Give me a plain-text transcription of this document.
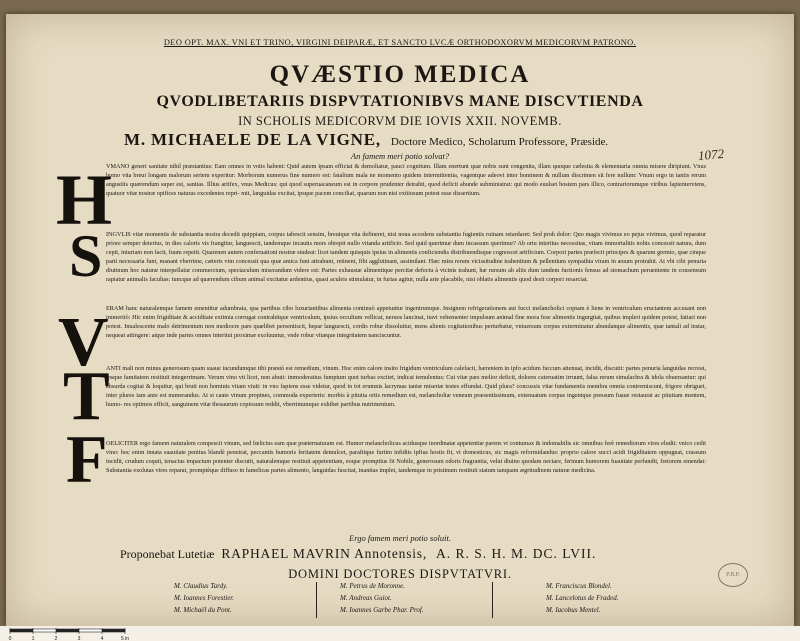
DEO OPT. MAX. VNI ET TRINO, VIRGINI DEIPARÆ, ET SANCTO LVCÆ ORTHODOXORVM MEDICORVM PATRONO.
QVÆSTIO MEDICA
QVODLIBETARIIS DISPVTATIONIBVS MANE DISCVTIENDA
IN SCHOLIS MEDICORVM DIE IOVIS XXII. NOVEMB.
M. MICHAELE DE LA VIGNE, Doctore Medico, Scholarum Professore, Præside.
An famem meri potio solvat?	1072
H
VMANO generi sanitate nihil præstantius: Eam omnes in votis habent: Quid autem ipsam efficiat & demoliatur, pauci cognitum. Illam enertunt quæ nobis sunt congenita, illam quoque cælestia & elementaria omnia misere diripiunt. Vnus homo vita breui longam malorum seriem experitur: Morborum numerus fine numero est: fatalium mala ne momento quidem intermittentia, vagentque adeovt inter hominem & nullum discrimen sit fere nullum: Vnum ergo in tantis rerum angustiis quærendum super est, sanitas. Illius artifex, vnus Medicus: qui quod superuacaneum est in corpore prudenter detrahit, quod deficit abunde subministrat: qui modo euulset hostem pars illico, contrariorumque viribus fapientervtens, quatuor vitæ nostræ opifices naturas excedentes repri- mit, languidas excitat, ipsque pacem conciliat, quarum non nisi exitiosum potest esse dissertium.
S INGVLIS vitæ momentis de substantia nostra decedit quippiam, corpus tabescit sensim, breuique vita defineret, nisi noua accedens substantia fugientis ruinam retardaret: Sed proh dolor: Quo magis vivimus eo pejus vivimus, quod reparatur priore semper deterius, in dies caloris vis frangitur, languescit, tandemque incautis mors obrepit nullo vitanda artificio. Sed quid querimur dum incassum querimur? Ab ortu interitus necessitas, vitam immortalitis nobis concessit natura, dum cepit, iniuriam non facit, fuum repetit. Quarenen autem conferuationi nostræ studeat: licet tandem quisquis ipsius in alimentis conficiendis distribuendisque cognoscet artificium. Corpori partes præfecit principes & quarum gremio, quæ cinque parti necessaria funt, manant vberrime, cæteris vim concessit qua quæ amica funt attrahunt, retinent, fibi agglutinant, assimilant. Hæc mira rerum vicissitudine trahentium & pellentium sympathia viram in æuum protrahit. At vbi cibi penuria diutinum hoc naturæ interpellatur commercium, spectaculum miserandum videre est: Partes exhaustæ alimentique percitæ defectu à vicinis trahunt, hæ rursum ab aliis dum tandem fuctionis fensus ad stomachum perueniente in consensum rapiatur animalis facultas: tuncque ad quærendum cibum animal excitatur ardentius, quasi aculeis stimulatur, in furias agitur, nulla arte placabile, nisi oblatis alimentis quod desit corpori resarciat.
V
ERAM hanc naturalemque famem ementitur adumbrata, qua partibus cibo luxuriantibus alimenta continuò appetuntur ingentrumque. Insignem refrigerationem aut fucci melancholici copiam è liene in ventriculum eructantem accusant non immeritò: Hic enim frigiditate & acciditate extimia corrugat contrahitque ventriculum, ipsius occultum vellicat, neruos lancinat, itavt vehementer impulsum animal fine mora fese alimentis ingurgitat, quibus impleri quidem potest, fatiari non potest. Inualescente malo detrimentum non mediocre pars quælibet persentiscit, hepar languescit, cordis robur dissoluitur, mens alienis cogitationibus perturbatur, vniuersum corpus exterminatur abundanque alimentis, quæ tantali ad instar, nequeat attingere: atque inde partes omnes interitui proximæ exoluuntur, vnde robur vitæque integritatem nanciscuntur.
T
ANTI mali non minus generosum quam suaue iucundumque tibi præstò est remedium, vinum. Hoc enim calore insito frigidum ventriculum calefacit, hæreniem in ipfo acidum fuccum attenuat, incidit, discutit: partes penuria languidas recreat, ipsque famitatem restituit integerrimam. Verum vino vti licet, non abuti: immoderatius fumptum quot turbas excitet, indicat temulentus: Cui vitæ pars melior deficit, dolores cateruatim irruunt, falsa rerum simulachra & idola obuersantur: qui absurda cogitat & loquitur, qui brutt non hominis vitam viuit: in vno fapiens esse videtur, quod in tot erumnis lacrymas tantæ miseriæ testes effundat. Quid plura? concussis vitæ fundamentis membra omnia contremiscunt, frigore obriguet, inter plures iam ante est numerandus. At si caute vinum propines, commoda experieris: morbis à pituita ortis remedium est, melancholiæ veneum præsentissimum, extenuatum corpus ingenique pressum fuaue restaurat ac pituitam mentem, humo- res optimos efficit, sanguinem vitæ thesaurum copiosum reddit, vberrimumque exhibet partibus nutrimentum.
F
OELICITER ergo famem naturalem compescit vinum, sed fœlicius eam quæ præternaturam est. Humor melancholicus acidusque inordinatæ appetentiæ parens vt contumax & indomabilis sic omnibus ferè remediorum vires eludit: vnico cedit vino: hoc enim innata suauitate penitus blandè penetrat, peccantis humoris feritatem demulcet, parafitque furtim infidiis ipfius hostis fit, vt domesticus, sic magis reformidandus: proprio calore succi acidi frigiditatem oppugnat, crassum incidit, crudum coquit, tenacius impactum potenter discutit, naturalemque restituit appetentiam, eoque promptius fit Nobile, generosum odoris fragrantia, velut diuino quodam nectare, ferinum humorem fuauitate perfundit, fretorem emendat: Substantia exolutas vires reparat, promptèque diffuso in famelicas partes alimento, languidas fuscitat, inanitas implet, tandemque in pristinum restituit statum tanquam ægritudinem naturæ medicina.
Ergo famem meri potio soluit.
Proponebat Lutetiæ RAPHAEL MAVRIN Annotensis, A. R. S. H. M. DC. LVII.
DOMINI DOCTORES DISPVTATVRI.	P.B.P.
M. Claudius Tardy.
M. Ioannes Forestier.
M. Michaël du Pont.
M. Petrus de Moronne.
M. Andreas Guiot.
M. Ioannes Garbe Phar. Prof.
M. Franciscus Blondel.
M. Lancelotus de Fraded.
M. Iacobus Mentel.
0	1	2	3	4	5 in
